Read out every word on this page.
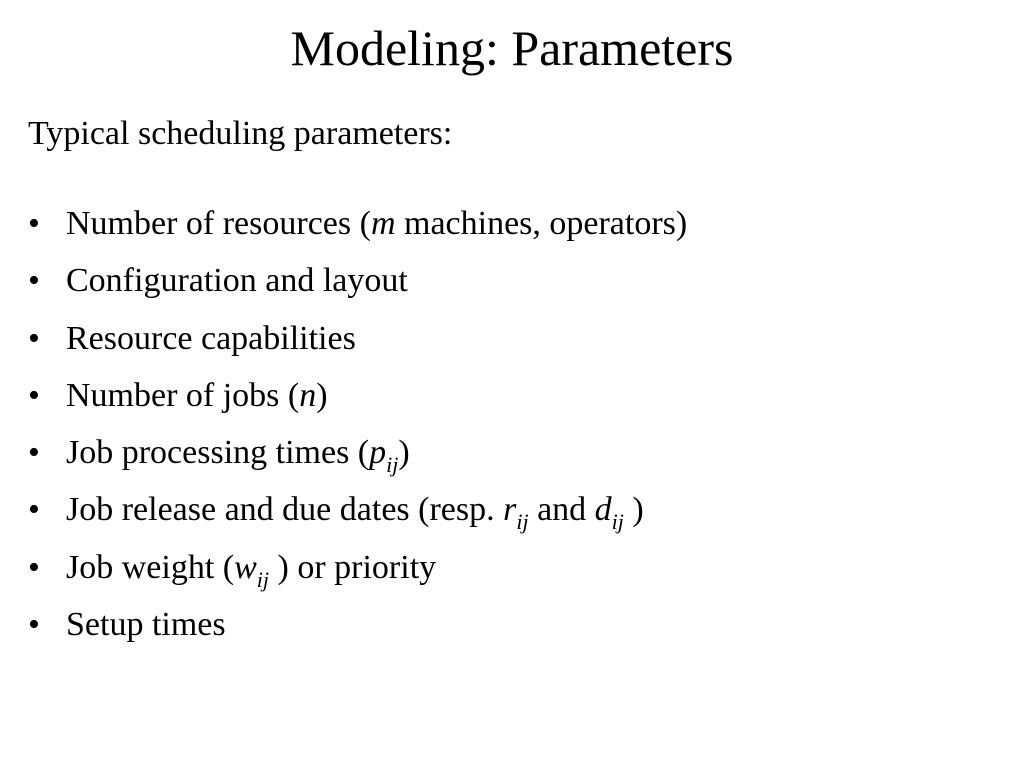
Modeling: Parameters
Typical scheduling parameters:
• Number of resources (m machines, operators)
• Configuration and layout
• Resource capabilities
• Number of jobs (n)
• Job processing times $(p_{ij})$
• Job release and due dates (resp. $r_{ij}$ and $d_{ij}$ )
• Job weight ($w_{ij}$ ) or priority
• Setup times
